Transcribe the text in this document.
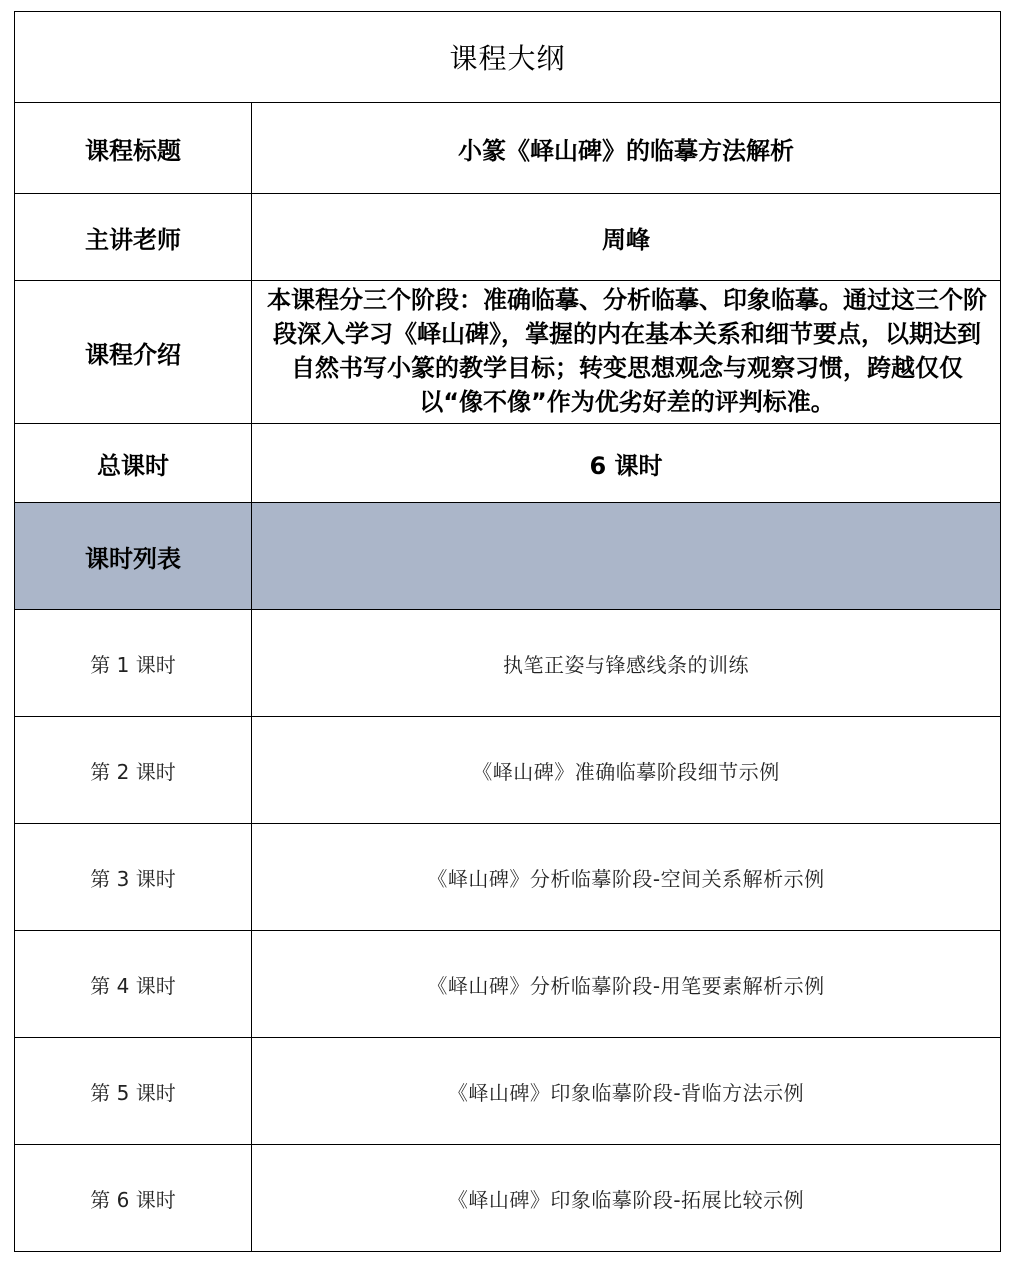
课程大纲	
课程标题	小篆《峄山碑》的临摹方法解析
主讲老师	周峰
课程介绍	本课程分三个阶段：准确临摹、分析临摹、印象临摹。通过这三个阶段深入学习《峄山碑》，掌握的内在基本关系和细节要点，以期达到自然书写小篆的教学目标；转变思想观念与观察习惯，跨越仅仅以“像不像”作为优劣好差的评判标准。
总课时	6 课时
课时列表	
第 1 课时	执笔正姿与锋感线条的训练
第 2 课时	《峄山碑》准确临摹阶段细节示例
第 3 课时	《峄山碑》分析临摹阶段-空间关系解析示例
第 4 课时	《峄山碑》分析临摹阶段-用笔要素解析示例
第 5 课时	《峄山碑》印象临摹阶段-背临方法示例
第 6 课时	《峄山碑》印象临摹阶段-拓展比较示例
